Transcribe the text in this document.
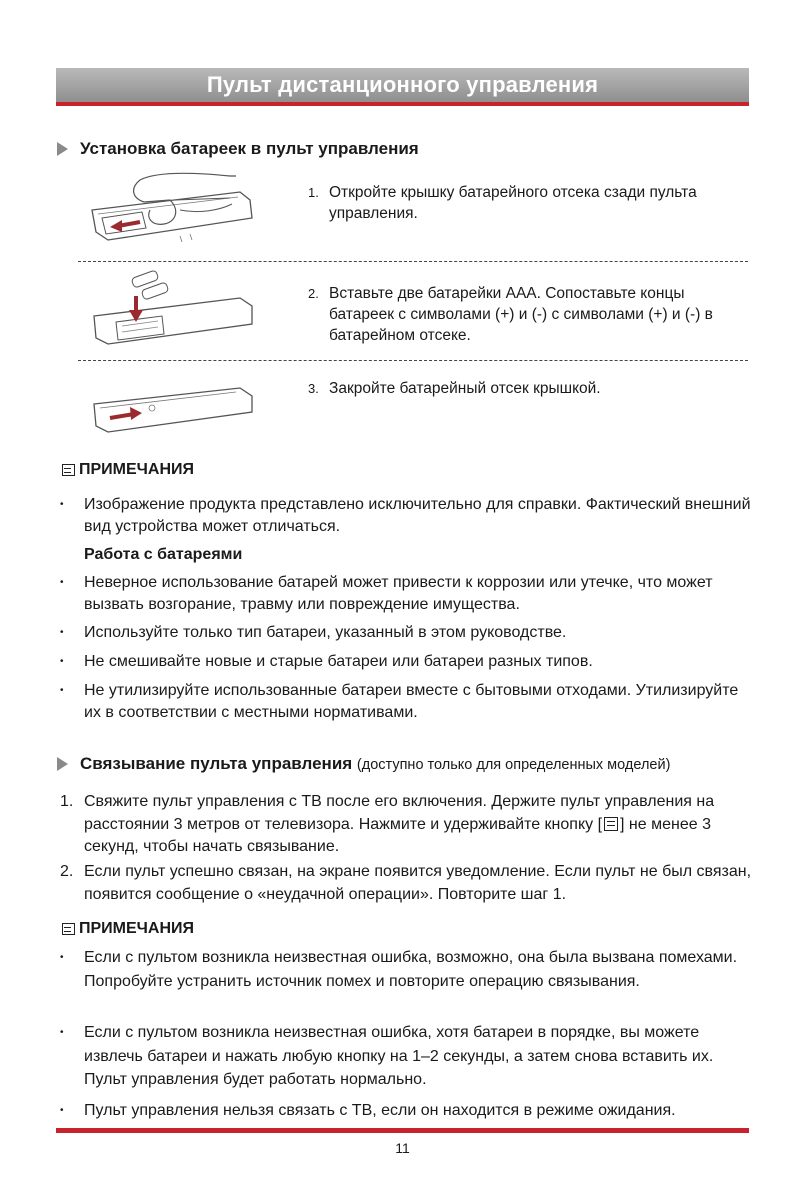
Пульт дистанционного управления
Установка батареек в пульт управления
1. Откройте крышку батарейного отсека сзади пульта управления.
2. Вставьте две батарейки AAA. Сопоставьте концы батареек с символами (+) и (-) с символами (+) и (-) в батарейном отсеке.
3. Закройте батарейный отсек крышкой.
ПРИМЕЧАНИЯ
• Изображение продукта представлено исключительно для справки. Фактический внешний вид устройства может отличаться.
Работа с батареями
• Неверное использование батарей может привести к коррозии или утечке, что может вызвать возгорание, травму или повреждение имущества.
• Используйте только тип батареи, указанный в этом руководстве.
• Не смешивайте новые и старые батареи или батареи разных типов.
• Не утилизируйте использованные батареи вместе с бытовыми отходами. Утилизируйте их в соответствии с местными нормативами.
Связывание пульта управления (доступно только для определенных моделей)
1. Свяжите пульт управления с ТВ после его включения. Держите пульт управления на расстоянии 3 метров от телевизора. Нажмите и удерживайте кнопку [ ] не менее 3 секунд, чтобы начать связывание.
2. Если пульт успешно связан, на экране появится уведомление. Если пульт не был связан, появится сообщение о «неудачной операции». Повторите шаг 1.
ПРИМЕЧАНИЯ
• Если с пультом возникла неизвестная ошибка, возможно, она была вызвана помехами. Попробуйте устранить источник помех и повторите операцию связывания.
• Если с пультом возникла неизвестная ошибка, хотя батареи в порядке, вы можете извлечь батареи и нажать любую кнопку на 1–2 секунды, а затем снова вставить их. Пульт управления будет работать нормально.
• Пульт управления нельзя связать с ТВ, если он находится в режиме ожидания.
11
